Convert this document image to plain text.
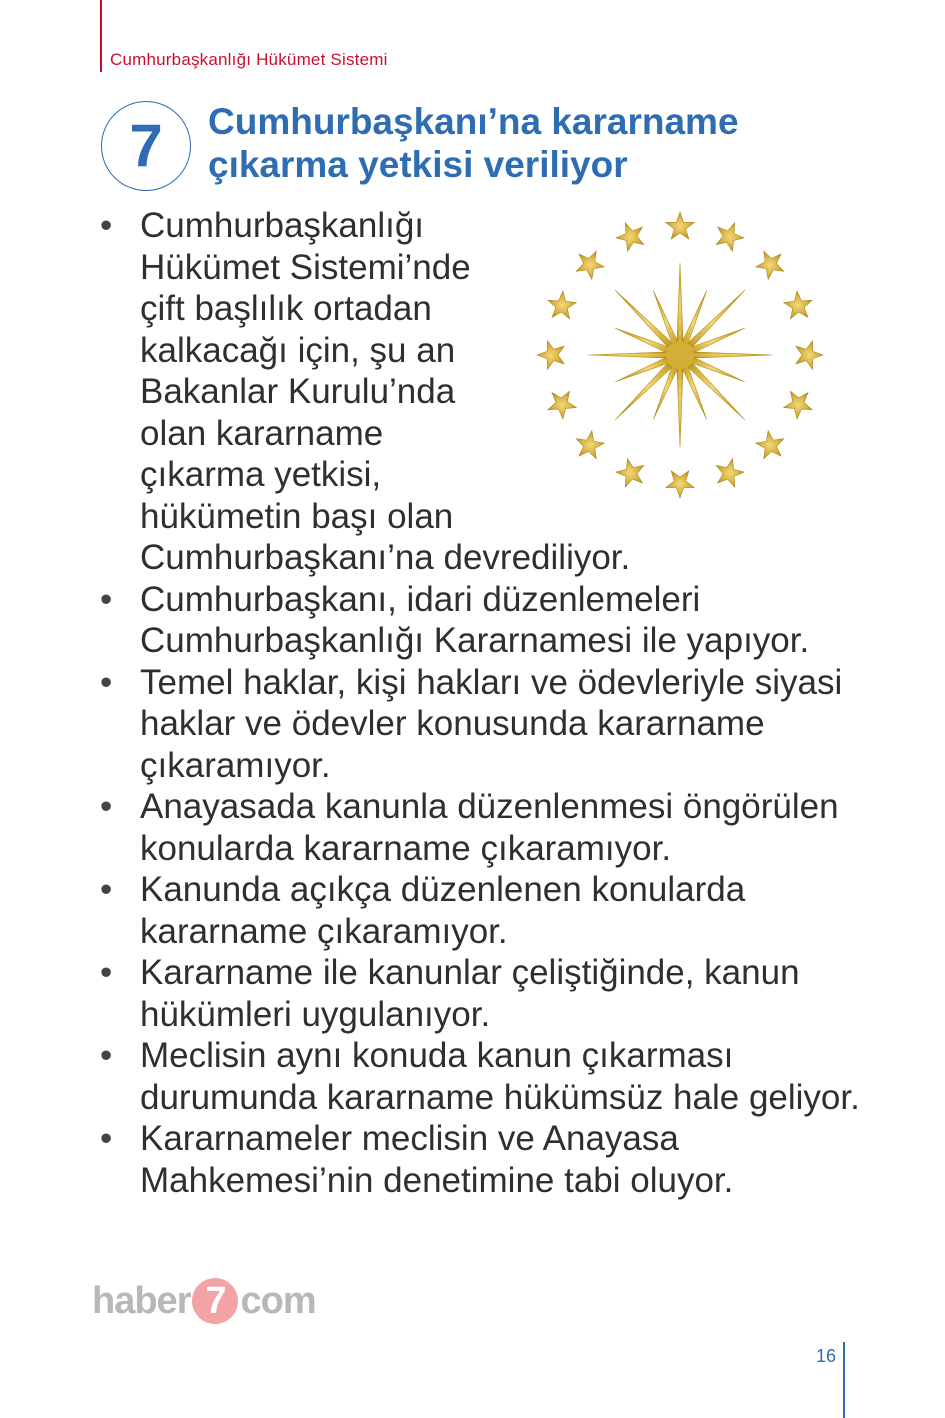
Cumhurbaşkanlığı Hükümet Sistemi
7 Cumhurbaşkanı’na kararname
çıkarma yetkisi veriliyor
• Cumhurbaşkanlığı
Hükümet Sistemi’nde
çift başlılık ortadan
kalkacağı için, şu an
Bakanlar Kurulu’nda
olan kararname
çıkarma yetkisi,
hükümetin başı olan
Cumhurbaşkanı’na devrediliyor.
• Cumhurbaşkanı, idari düzenlemeleri Cumhurbaşkanlığı Kararnamesi ile yapıyor.
• Temel haklar, kişi hakları ve ödevleriyle siyasi haklar ve ödevler konusunda kararname çıkaramıyor.
• Anayasada kanunla düzenlenmesi öngörülen konularda kararname çıkaramıyor.
• Kanunda açıkça düzenlenen konularda kararname çıkaramıyor.
• Kararname ile kanunlar çeliştiğinde, kanun hükümleri uygulanıyor.
• Meclisin aynı konuda kanun çıkarması durumunda kararname hükümsüz hale geliyor.
• Kararnameler meclisin ve Anayasa Mahkemesi’nin denetimine tabi oluyor.
haber 7 com
16
